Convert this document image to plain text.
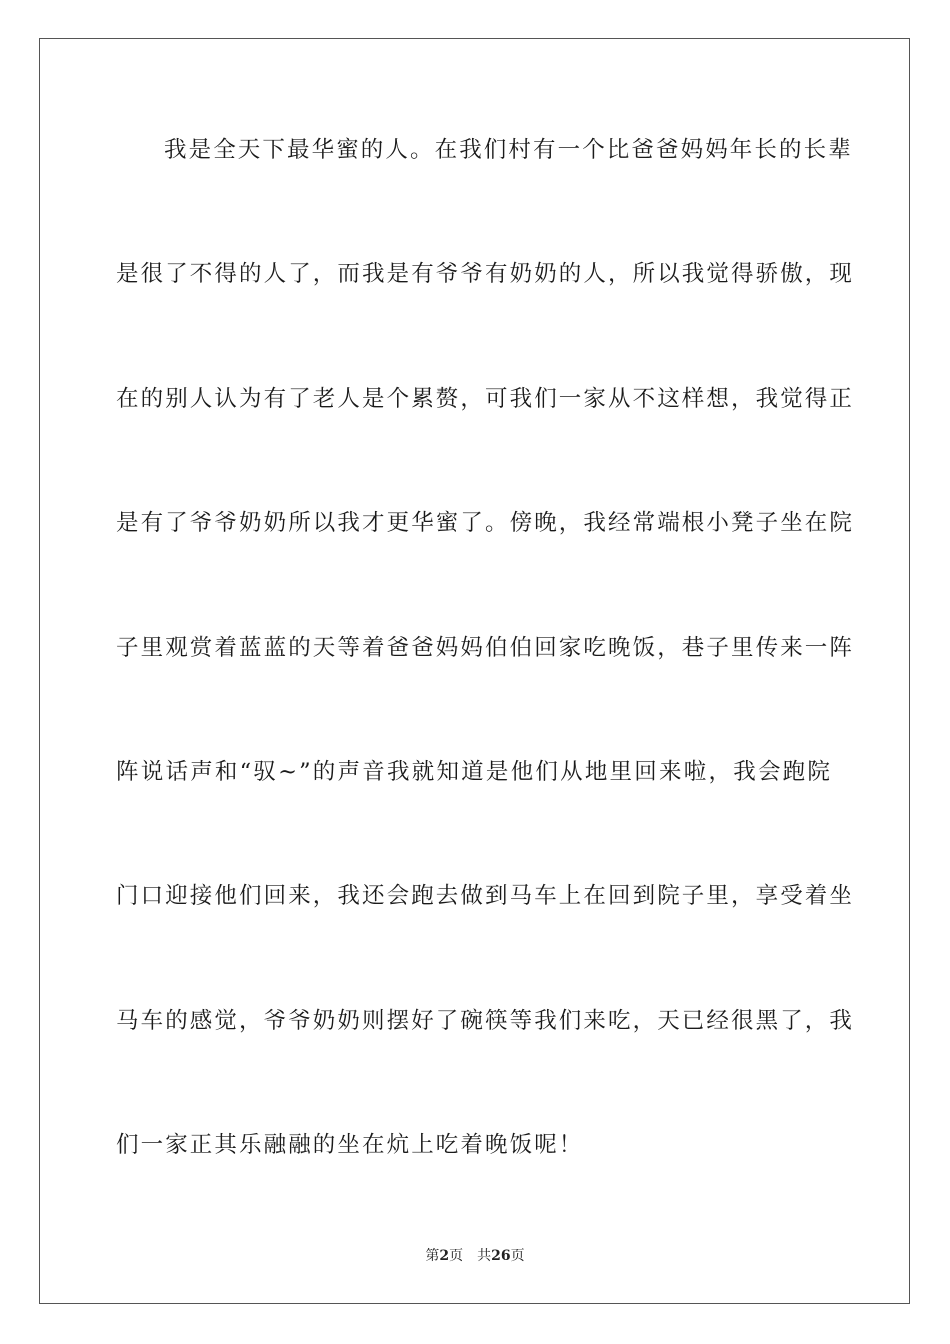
我是全天下最华蜜的人。在我们村有一个比爸爸妈妈年长的长辈
是很了不得的人了，而我是有爷爷有奶奶的人，所以我觉得骄傲，现
在的别人认为有了老人是个累赘，可我们一家从不这样想，我觉得正
是有了爷爷奶奶所以我才更华蜜了。傍晚，我经常端根小凳子坐在院
子里观赏着蓝蓝的天等着爸爸妈妈伯伯回家吃晚饭，巷子里传来一阵
阵说话声和“驭~”的声音我就知道是他们从地里回来啦，我会跑院
门口迎接他们回来，我还会跑去做到马车上在回到院子里，享受着坐
马车的感觉，爷爷奶奶则摆好了碗筷等我们来吃，天已经很黑了，我
们一家正其乐融融的坐在炕上吃着晚饭呢！
第2页 共26页
